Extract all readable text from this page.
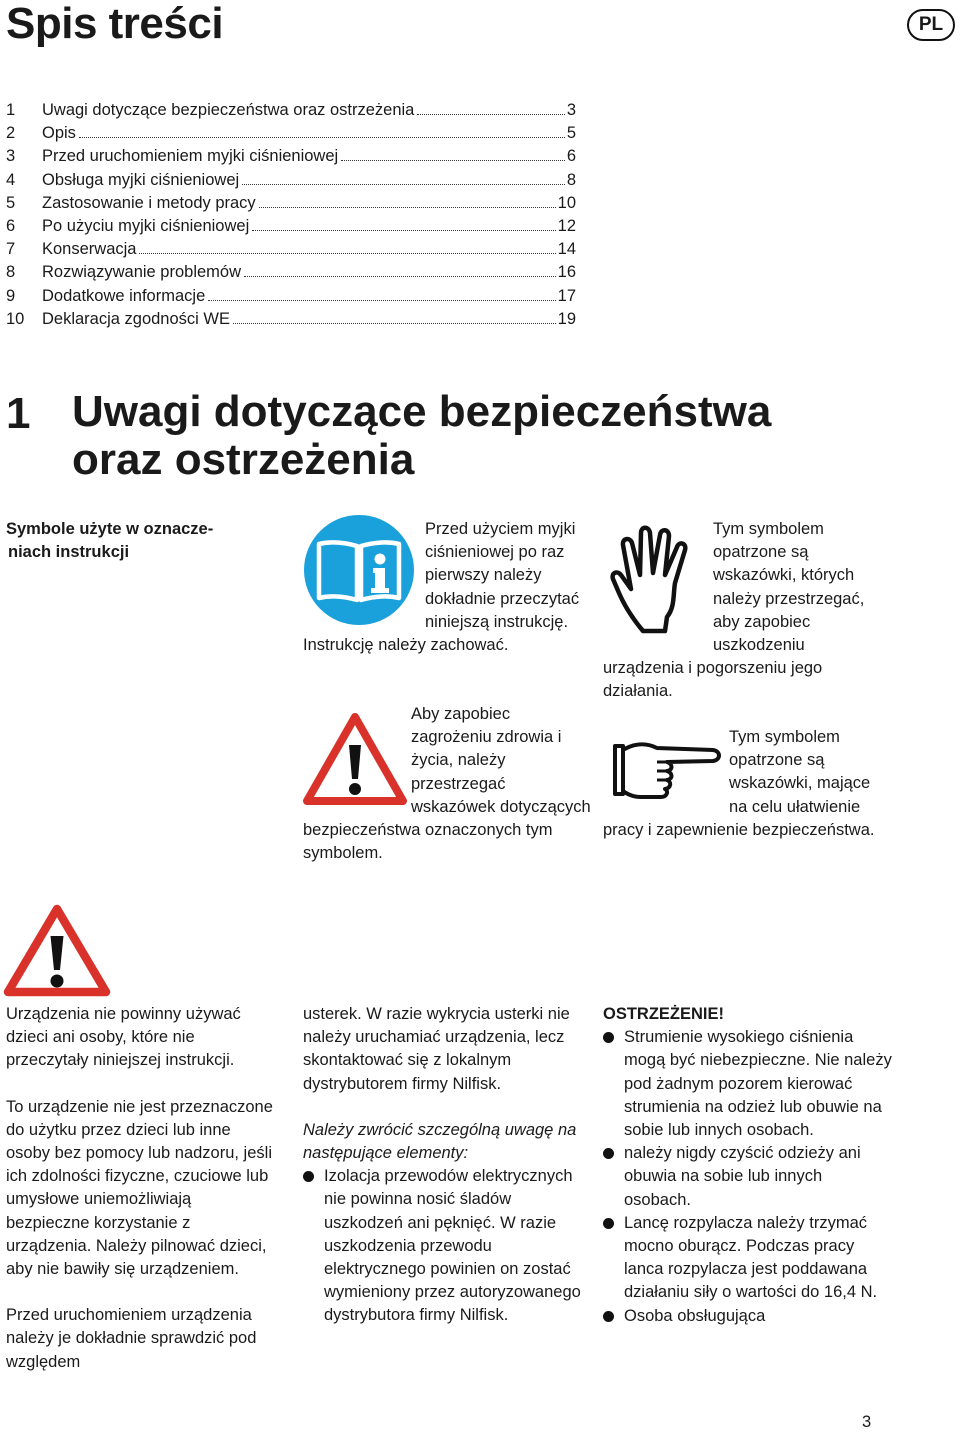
Spis treści	PL
1	Uwagi dotyczące bezpieczeństwa oraz ostrzeżenia	3
2	Opis	5
3	Przed uruchomieniem myjki ciśnieniowej	6
4	Obsługa myjki ciśnieniowej	8
5	Zastosowanie i metody pracy	10
6	Po użyciu myjki ciśnieniowej	12
7	Konserwacja	14
8	Rozwiązywanie problemów	16
9	Dodatkowe informacje	17
10	Deklaracja zgodności WE	19
1 Uwagi dotyczące bezpieczeństwa
oraz ostrzeżenia
Symbole użyte w oznacze-
niach instrukcji
Przed użyciem myjki ciśnieniowej po raz pierwszy należy dokładnie przeczytać niniejszą instrukcję. Instrukcję należy zachować.
Aby zapobiec zagrożeniu zdrowia i życia, należy przestrzegać wskazówek dotyczących bezpieczeństwa oznaczonych tym symbolem.
Tym symbolem opatrzone są wskazówki, których należy przestrzegać, aby zapobiec uszkodzeniu urządzenia i pogorszeniu jego działania.
Tym symbolem opatrzone są wskazówki, mające na celu ułatwienie pracy i zapewnienie bezpieczeństwa.

Urządzenia nie powinny używać dzieci ani osoby, które nie przeczytały niniejszej instrukcji.

To urządzenie nie jest przeznaczone do użytku przez dzieci lub inne osoby bez pomocy lub nadzoru, jeśli ich zdolności fizyczne, czuciowe lub umysłowe uniemożliwiają bezpieczne korzystanie z urządzenia. Należy pilnować dzieci, aby nie bawiły się urządzeniem.

Przed uruchomieniem urządzenia należy je dokładnie sprawdzić pod względem

usterek. W razie wykrycia usterki nie należy uruchamiać urządzenia, lecz skontaktować się z lokalnym dystrybutorem firmy Nilfisk.

Należy zwrócić szczególną uwagę na następujące elementy:
Izolacja przewodów elektrycznych nie powinna nosić śladów uszkodzeń ani pęknięć. W razie uszkodzenia przewodu elektrycznego powinien on zostać wymieniony przez autoryzowanego dystrybutora firmy Nilfisk.
OSTRZEŻENIE!
Strumienie wysokiego ciśnienia mogą być niebezpieczne. Nie należy pod żadnym pozorem kierować strumienia na odzież lub obuwie na sobie lub innych osobach.
należy nigdy czyścić odzieży ani obuwia na sobie lub innych osobach.
Lancę rozpylacza należy trzymać mocno oburącz. Podczas pracy lanca rozpylacza jest poddawana działaniu siły o wartości do 16,4 N.
Osoba obsługująca
3
